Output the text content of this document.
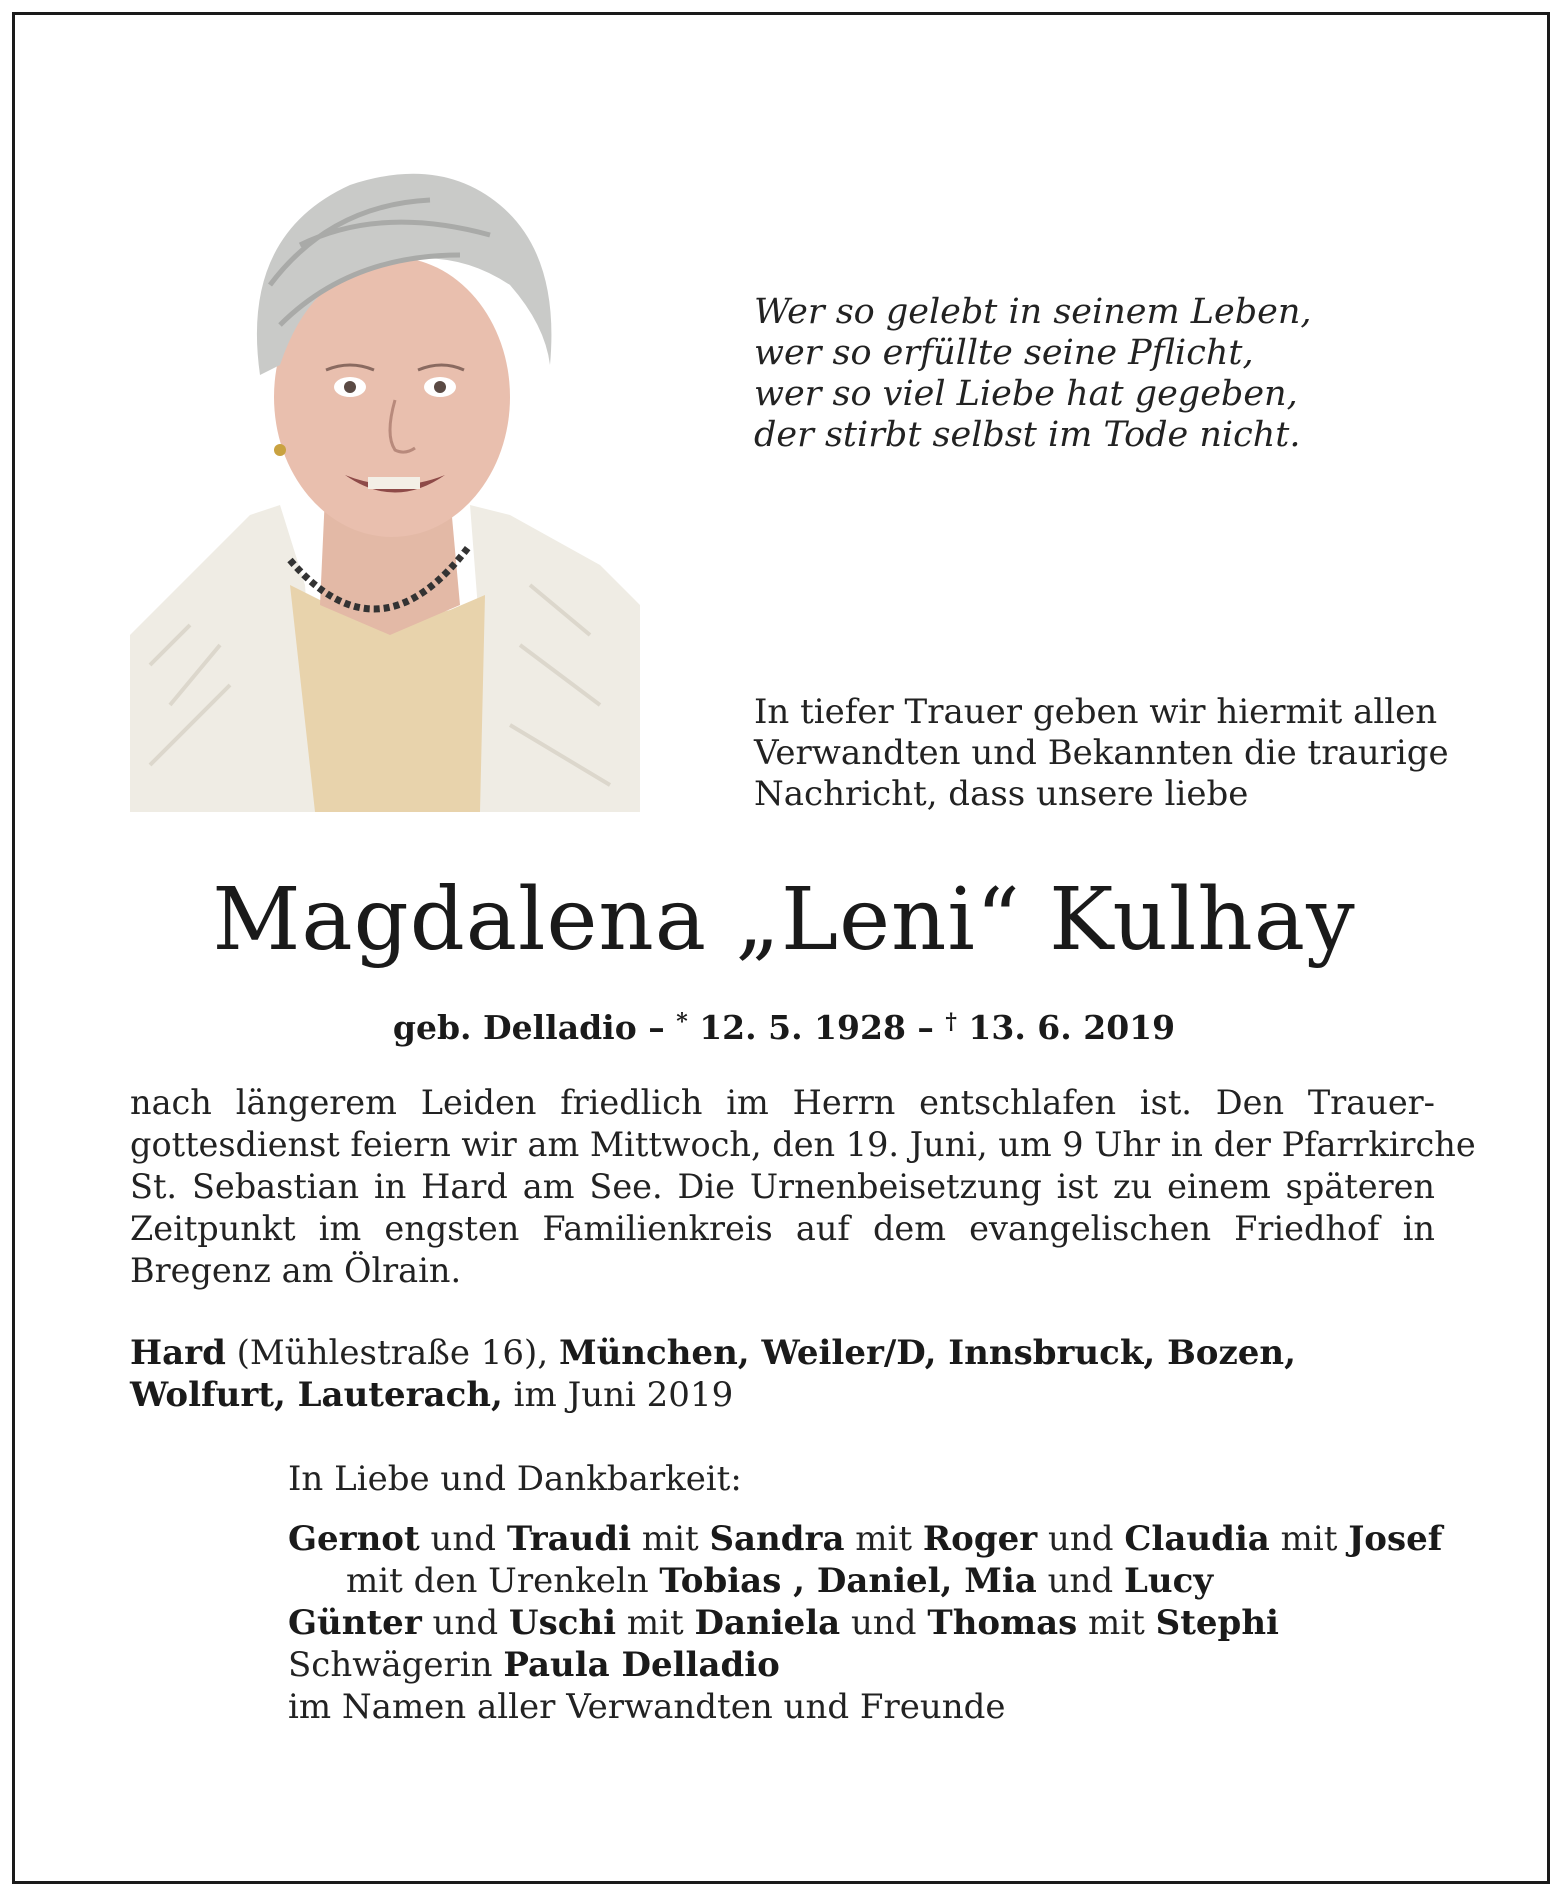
Wer so gelebt in seinem Leben,
wer so erfüllte seine Pflicht,
wer so viel Liebe hat gegeben,
der stirbt selbst im Tode nicht.
In tiefer Trauer geben wir hiermit allen
Verwandten und Bekannten die traurige
Nachricht, dass unsere liebe
Magdalena „Leni“ Kulhay
geb. Delladio – * 12. 5. 1928 – † 13. 6. 2019
nach längerem Leiden friedlich im Herrn entschlafen ist. Den Trauer-
gottesdienst feiern wir am Mittwoch, den 19. Juni, um 9 Uhr in der Pfarrkirche
St. Sebastian in Hard am See. Die Urnenbeisetzung ist zu einem späteren
Zeitpunkt im engsten Familienkreis auf dem evangelischen Friedhof in
Bregenz am Ölrain.
Hard (Mühlestraße 16), München, Weiler/D, Innsbruck, Bozen,
Wolfurt, Lauterach, im Juni 2019
In Liebe und Dankbarkeit:
Gernot und Traudi mit Sandra mit Roger und Claudia mit Josef
mit den Urenkeln Tobias , Daniel, Mia und Lucy
Günter und Uschi mit Daniela und Thomas mit Stephi
Schwägerin Paula Delladio
im Namen aller Verwandten und Freunde
